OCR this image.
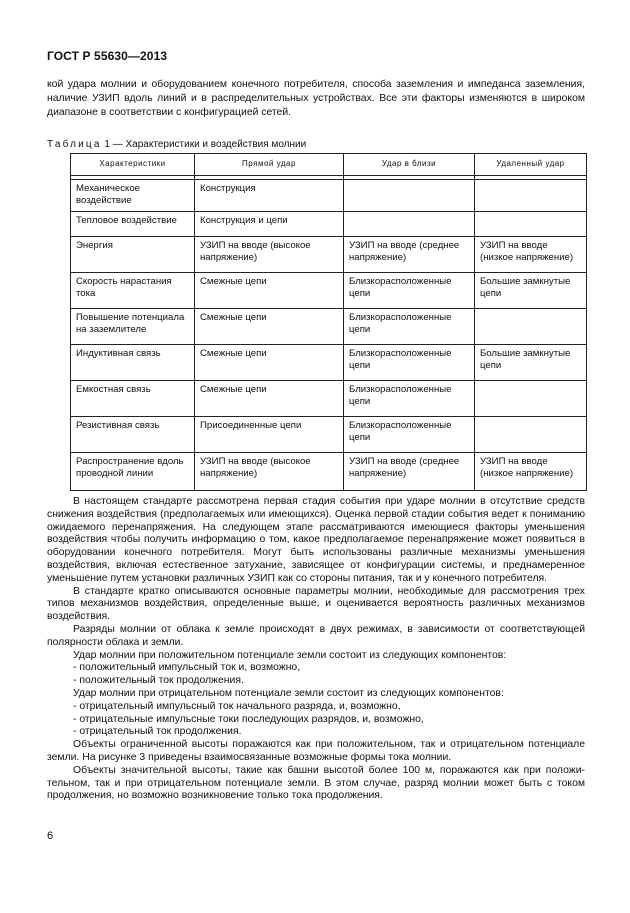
ГОСТ Р 55630—2013
кой удара молнии и оборудованием конечного потребителя, способа заземления и импеданса заземления, наличие УЗИП вдоль линий и в распределительных устройствах. Все эти факторы изменяются в широком диапазоне в соответствии с конфигурацией сетей.
Таблица 1 — Характеристики и воздействия молнии
Характеристики	Прямой удар	Удар в близи	Удаленный удар

Механическое воздействие	Конструкция		
Тепловое воздействие	Конструкция и цепи		
Энергия	УЗИП на вводе (высокое напряжение)	УЗИП на вводе (среднее напряжение)	УЗИП на вводе (низкое напряжение)
Скорость нарастания тока	Смежные цепи	Близкорасположенные цепи	Большие замкнутые цепи
Повышение потенциала на заземлителе	Смежные цепи	Близкорасположенные цепи	
Индуктивная связь	Смежные цепи	Близкорасположенные цепи	Большие замкнутые цепи
Емкостная связь	Смежные цепи	Близкорасположенные цепи	
Резистивная связь	Присоединенные цепи	Близкорасположенные цепи	
Распространение вдоль проводной линии	УЗИП на вводе (высокое напряжение)	УЗИП на вводе (среднее напряжение)	УЗИП на вводе (низкое напряжение)

В настоящем стандарте рассмотрена первая стадия события при ударе молнии в отсутствие средств снижения воздействия (предполагаемых или имеющихся). Оценка первой стадии события ведет к пониманию ожидаемого перенапряжения. На следующем этапе рассматриваются имеющиеся факторы уменьшения воздействия чтобы получить информацию о том, какое предполагаемое перенапряжение может появиться в оборудовании конечного потребителя. Могут быть использованы различные механизмы уменьшения воздействия, включая естественное затухание, зависящее от конфигурации системы, и преднамеренное уменьшение путем установки различных УЗИП как со стороны питания, так и у конечного потребителя.

В стандарте кратко описываются основные параметры молнии, необходимые для рассмотрения трех типов механизмов воздействия, определенные выше, и оценивается вероятность различных механизмов воздействия.

Разряды молнии от облака к земле происходят в двух режимах, в зависимости от соответствующей полярности облака и земли.

Удар молнии при положительном потенциале земли состоит из следующих компонентов:

- положительный импульсный ток и, возможно,

- положительный ток продолжения.

Удар молнии при отрицательном потенциале земли состоит из следующих компонентов:

- отрицательный импульсный ток начального разряда, и, возможно,

- отрицательные импульсные токи последующих разрядов, и, возможно,

- отрицательный ток продолжения.

Объекты ограниченной высоты поражаются как при положительном, так и отрицательном потенциале земли. На рисунке 3 приведены взаимосвязанные возможные формы тока молнии.

Объекты значительной высоты, такие как башни высотой более 100 м, поражаются как при положительном, так и при отрицательном потенциале земли. В этом случае, разряд молнии может быть с током продолжения, но возможно возникновение только тока продолжения.

6
